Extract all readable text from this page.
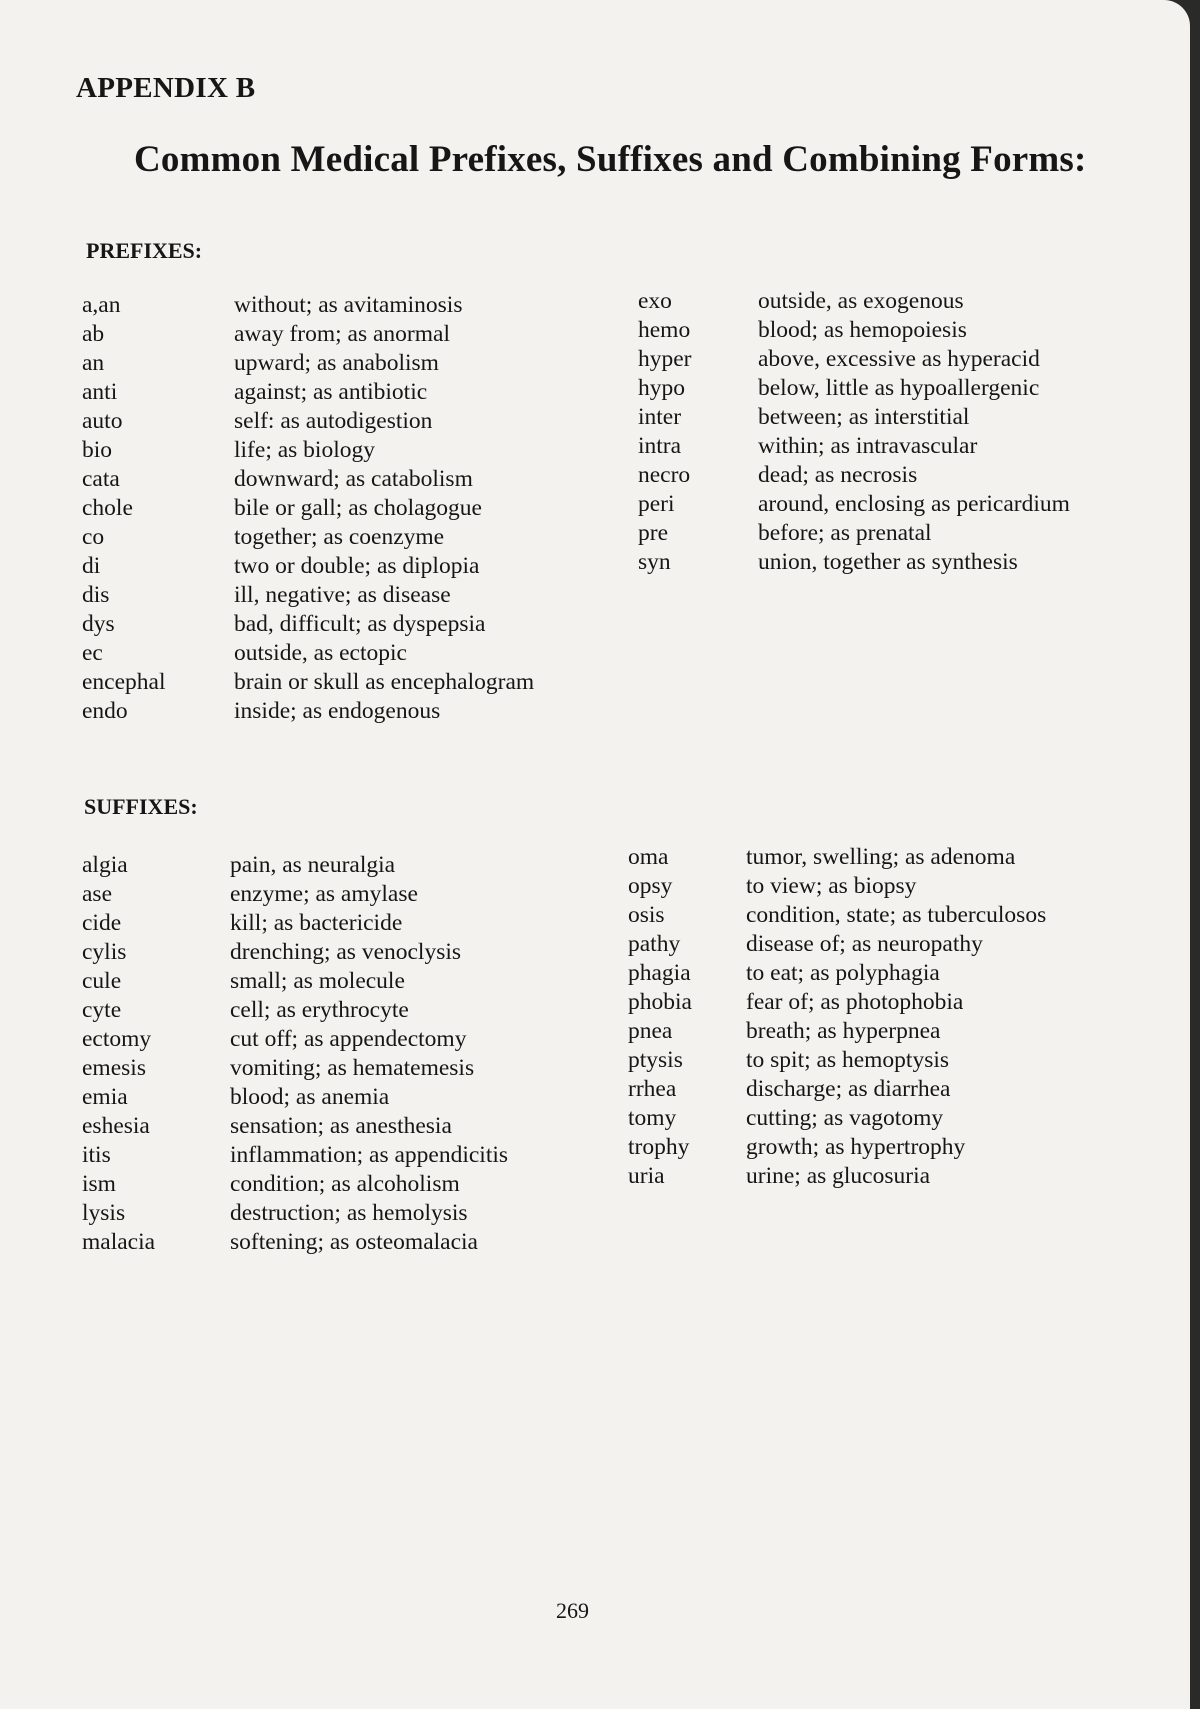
APPENDIX B
Common Medical Prefixes, Suffixes and Combining Forms:
PREFIXES:
a,an	without; as avitaminosis
ab	away from; as anormal
an	upward; as anabolism
anti	against; as antibiotic
auto	self: as autodigestion
bio	life; as biology
cata	downward; as catabolism
chole	bile or gall; as cholagogue
co	together; as coenzyme
di	two or double; as diplopia
dis	ill, negative; as disease
dys	bad, difficult; as dyspepsia
ec	outside, as ectopic
encephal	brain or skull as encephalogram
endo	inside; as endogenous
exo	outside, as exogenous
hemo	blood; as hemopoiesis
hyper	above, excessive as hyperacid
hypo	below, little as hypoallergenic
inter	between; as interstitial
intra	within; as intravascular
necro	dead; as necrosis
peri	around, enclosing as pericardium
pre	before; as prenatal
syn	union, together as synthesis
SUFFIXES:
algia	pain, as neuralgia
ase	enzyme; as amylase
cide	kill; as bactericide
cylis	drenching; as venoclysis
cule	small; as molecule
cyte	cell; as erythrocyte
ectomy	cut off; as appendectomy
emesis	vomiting; as hematemesis
emia	blood; as anemia
eshesia	sensation; as anesthesia
itis	inflammation; as appendicitis
ism	condition; as alcoholism
lysis	destruction; as hemolysis
malacia	softening; as osteomalacia
oma	tumor, swelling; as adenoma
opsy	to view; as biopsy
osis	condition, state; as tuberculosos
pathy	disease of; as neuropathy
phagia to eat; as polyphagia
phobia fear of; as photophobia
pnea	breath; as hyperpnea
ptysis	to spit; as hemoptysis
rrhea	discharge; as diarrhea
tomy	cutting; as vagotomy
trophy growth; as hypertrophy
uria	urine; as glucosuria
269
